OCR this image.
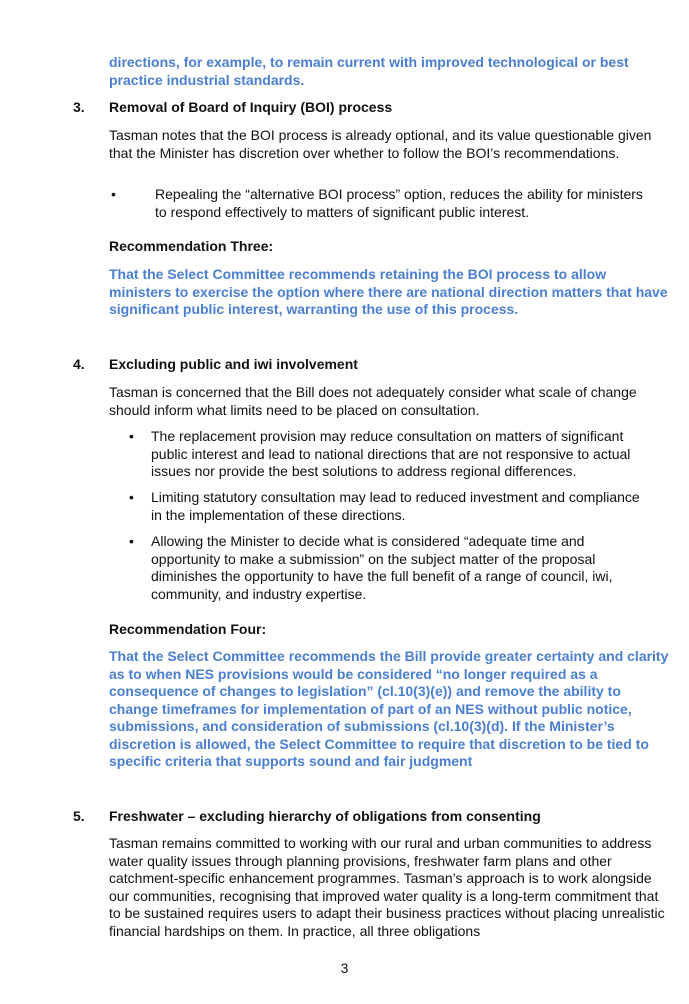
directions, for example, to remain current with improved technological or best practice industrial standards.
3. Removal of Board of Inquiry (BOI) process
Tasman notes that the BOI process is already optional, and its value questionable given that the Minister has discretion over whether to follow the BOI’s recommendations.
•	Repealing the “alternative BOI process” option, reduces the ability for ministers to respond effectively to matters of significant public interest.
Recommendation Three:
That the Select Committee recommends retaining the BOI process to allow ministers to exercise the option where there are national direction matters that have significant public interest, warranting the use of this process.
4. Excluding public and iwi involvement
Tasman is concerned that the Bill does not adequately consider what scale of change should inform what limits need to be placed on consultation.
• The replacement provision may reduce consultation on matters of significant public interest and lead to national directions that are not responsive to actual issues nor provide the best solutions to address regional differences.
• Limiting statutory consultation may lead to reduced investment and compliance in the implementation of these directions.
• Allowing the Minister to decide what is considered “adequate time and opportunity to make a submission” on the subject matter of the proposal diminishes the opportunity to have the full benefit of a range of council, iwi, community, and industry expertise.
Recommendation Four:
That the Select Committee recommends the Bill provide greater certainty and clarity as to when NES provisions would be considered “no longer required as a consequence of changes to legislation” (cl.10(3)(e)) and remove the ability to change timeframes for implementation of part of an NES without public notice, submissions, and consideration of submissions (cl.10(3)(d). If the Minister’s discretion is allowed, the Select Committee to require that discretion to be tied to specific criteria that supports sound and fair judgment
5. Freshwater – excluding hierarchy of obligations from consenting
Tasman remains committed to working with our rural and urban communities to address water quality issues through planning provisions, freshwater farm plans and other catchment-specific enhancement programmes. Tasman’s approach is to work alongside our communities, recognising that improved water quality is a long-term commitment that to be sustained requires users to adapt their business practices without placing unrealistic financial hardships on them. In practice, all three obligations
3
